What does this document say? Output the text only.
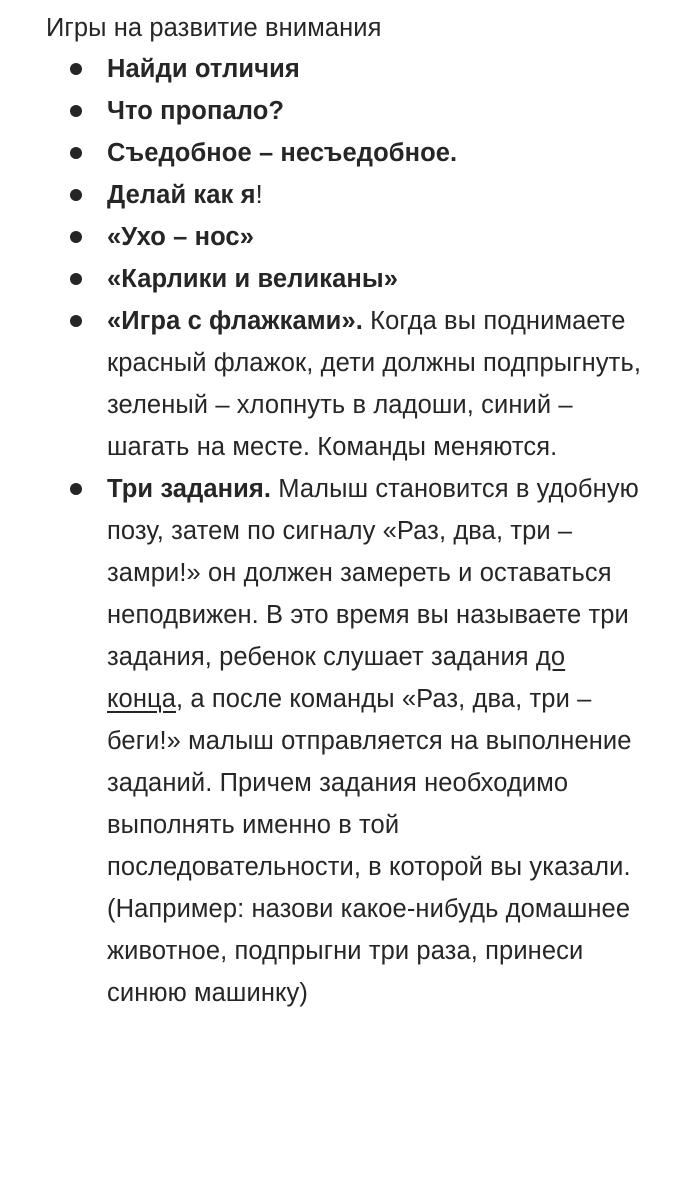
Игры на развитие внимания
Найди отличия
Что пропало?
Съедобное – несъедобное.
Делай как я!
«Ухо – нос»
«Карлики и великаны»
«Игра с флажками». Когда вы поднимаете красный флажок, дети должны подпрыгнуть, зеленый – хлопнуть в ладоши, синий – шагать на месте. Команды меняются.
Три задания. Малыш становится в удобную позу, затем по сигналу «Раз, два, три – замри!» он должен замереть и оставаться неподвижен. В это время вы называете три задания, ребенок слушает задания до конца, а после команды «Раз, два, три – беги!» малыш отправляется на выполнение заданий. Причем задания необходимо выполнять именно в той последовательности, в которой вы указали. (Например: назови какое-нибудь домашнее животное, подпрыгни три раза, принеси синюю машинку)
